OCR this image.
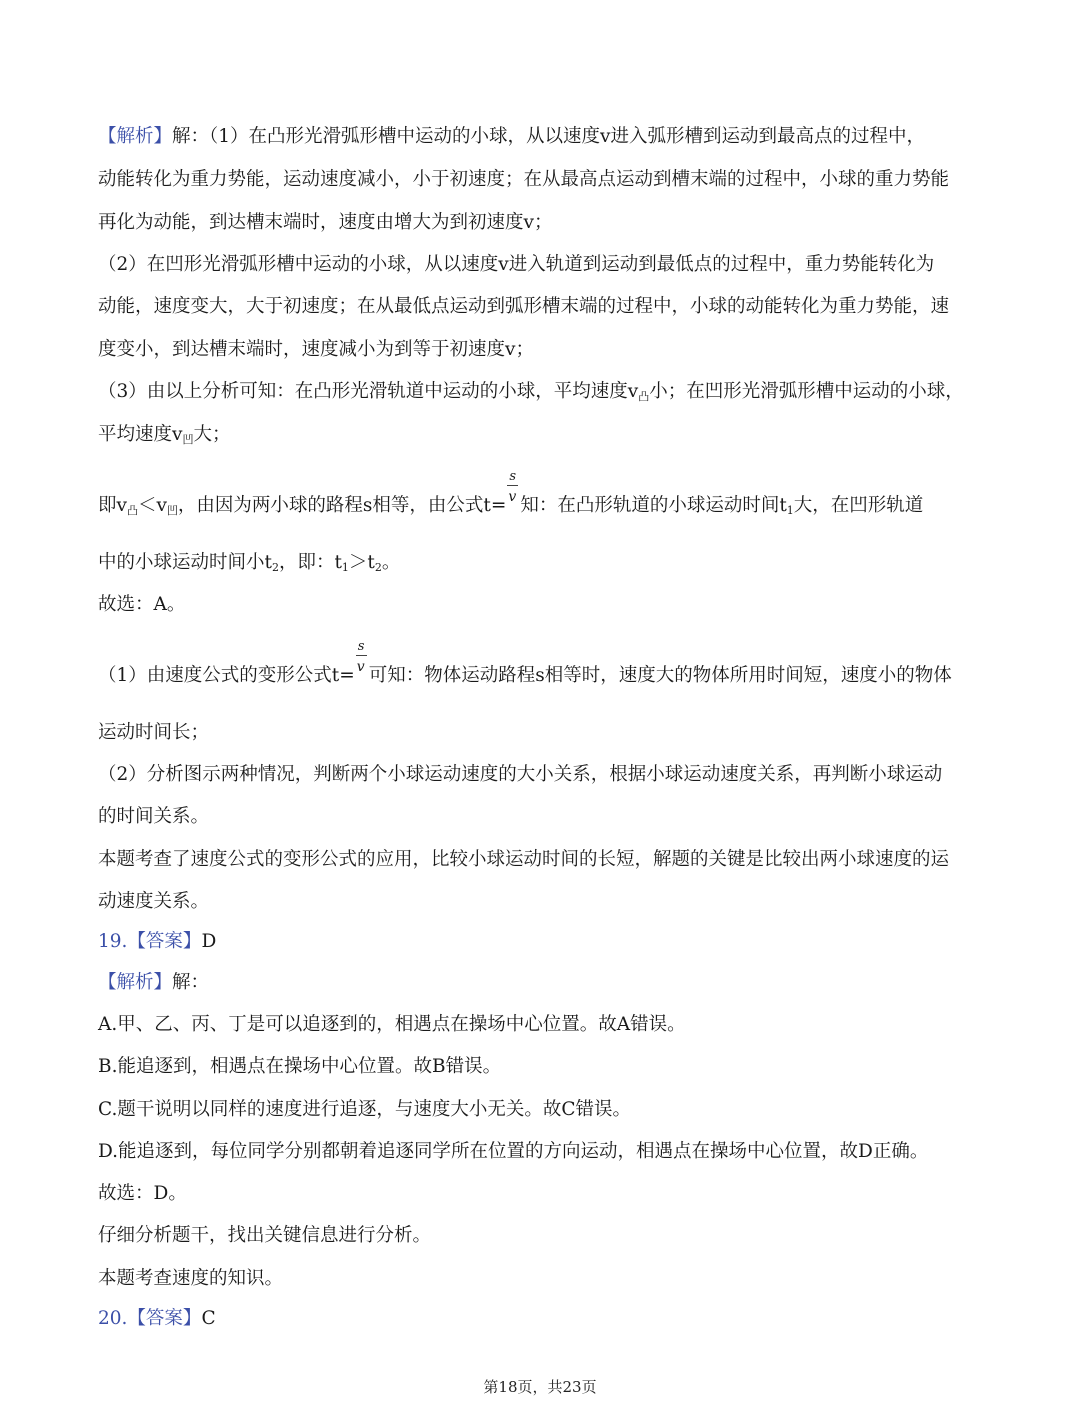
【解析】解：（1）在凸形光滑弧形槽中运动的小球，从以速度v进入弧形槽到运动到最高点的过程中，
动能转化为重力势能，运动速度减小，小于初速度；在从最高点运动到槽末端的过程中，小球的重力势能
再化为动能，到达槽末端时，速度由增大为到初速度v；
（2）在凹形光滑弧形槽中运动的小球，从以速度v进入轨道到运动到最低点的过程中，重力势能转化为
动能，速度变大，大于初速度；在从最低点运动到弧形槽末端的过程中，小球的动能转化为重力势能，速
度变小，到达槽末端时，速度减小为到等于初速度v；
（3）由以上分析可知：在凸形光滑轨道中运动的小球，平均速度$v_凸$小；在凹形光滑弧形槽中运动的小球，
平均速度$v_凹$大；
即$v_凸<v_凹$，由因为两小球的路程s相等，由公式$t= \frac{s}{v}$ 知：在凸形轨道的小球运动时间$t_1$大，在凹形轨道
中的小球运动时间小$t_2$，即：$t_1>t_2$。
故选：A。
（1）由速度公式的变形公式$t= \frac{s}{v}$ 可知：物体运动路程s相等时，速度大的物体所用时间短，速度小的物体
运动时间长；
（2）分析图示两种情况，判断两个小球运动速度的大小关系，根据小球运动速度关系，再判断小球运动
的时间关系。
本题考查了速度公式的变形公式的应用，比较小球运动时间的长短，解题的关键是比较出两小球速度的运
动速度关系。
19.【答案】D
【解析】解：
A.甲、乙、丙、丁是可以追逐到的，相遇点在操场中心位置。故A错误。
B.能追逐到，相遇点在操场中心位置。故B错误。
C.题干说明以同样的速度进行追逐，与速度大小无关。故C错误。
D.能追逐到，每位同学分别都朝着追逐同学所在位置的方向运动，相遇点在操场中心位置，故D正确。
故选：D。
仔细分析题干，找出关键信息进行分析。
本题考查速度的知识。
20.【答案】C
第18页，共23页
